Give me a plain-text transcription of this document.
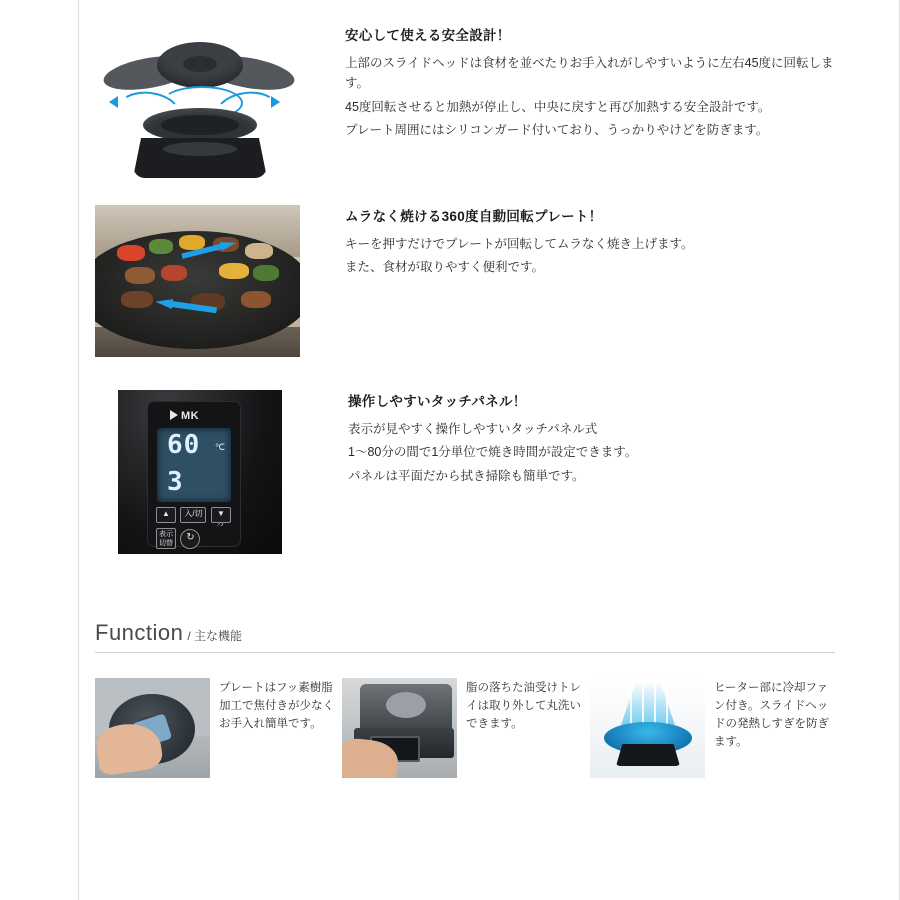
安心して使える安全設計！

上部のスライドヘッドは食材を並べたりお手入れがしやすいように左右45度に回転します。

45度回転させると加熱が停止し、中央に戻すと再び加熱する安全設計です。

プレート周囲にはシリコンガード付いており、うっかりやけどを防ぎます。

ムラなく焼ける360度自動回転プレート！

キーを押すだけでプレートが回転してムラなく焼き上げます。

また、食材が取りやすく便利です。

MK
60 ℃
3
▲ 入/切 ▼
表示 切替 ↻
操作しやすいタッチパネル！

表示が見やすく操作しやすいタッチパネル式

1～80分の間で1分単位で焼き時間が設定できます。

パネルは平面だから拭き掃除も簡単です。

Function / 主な機能
プレートはフッ素樹脂加工で焦付きが少なくお手入れ簡単です。
脂の落ちた油受けトレイは取り外して丸洗いできます。
ヒーター部に冷却ファン付き。スライドヘッドの発熱しすぎを防ぎます。
